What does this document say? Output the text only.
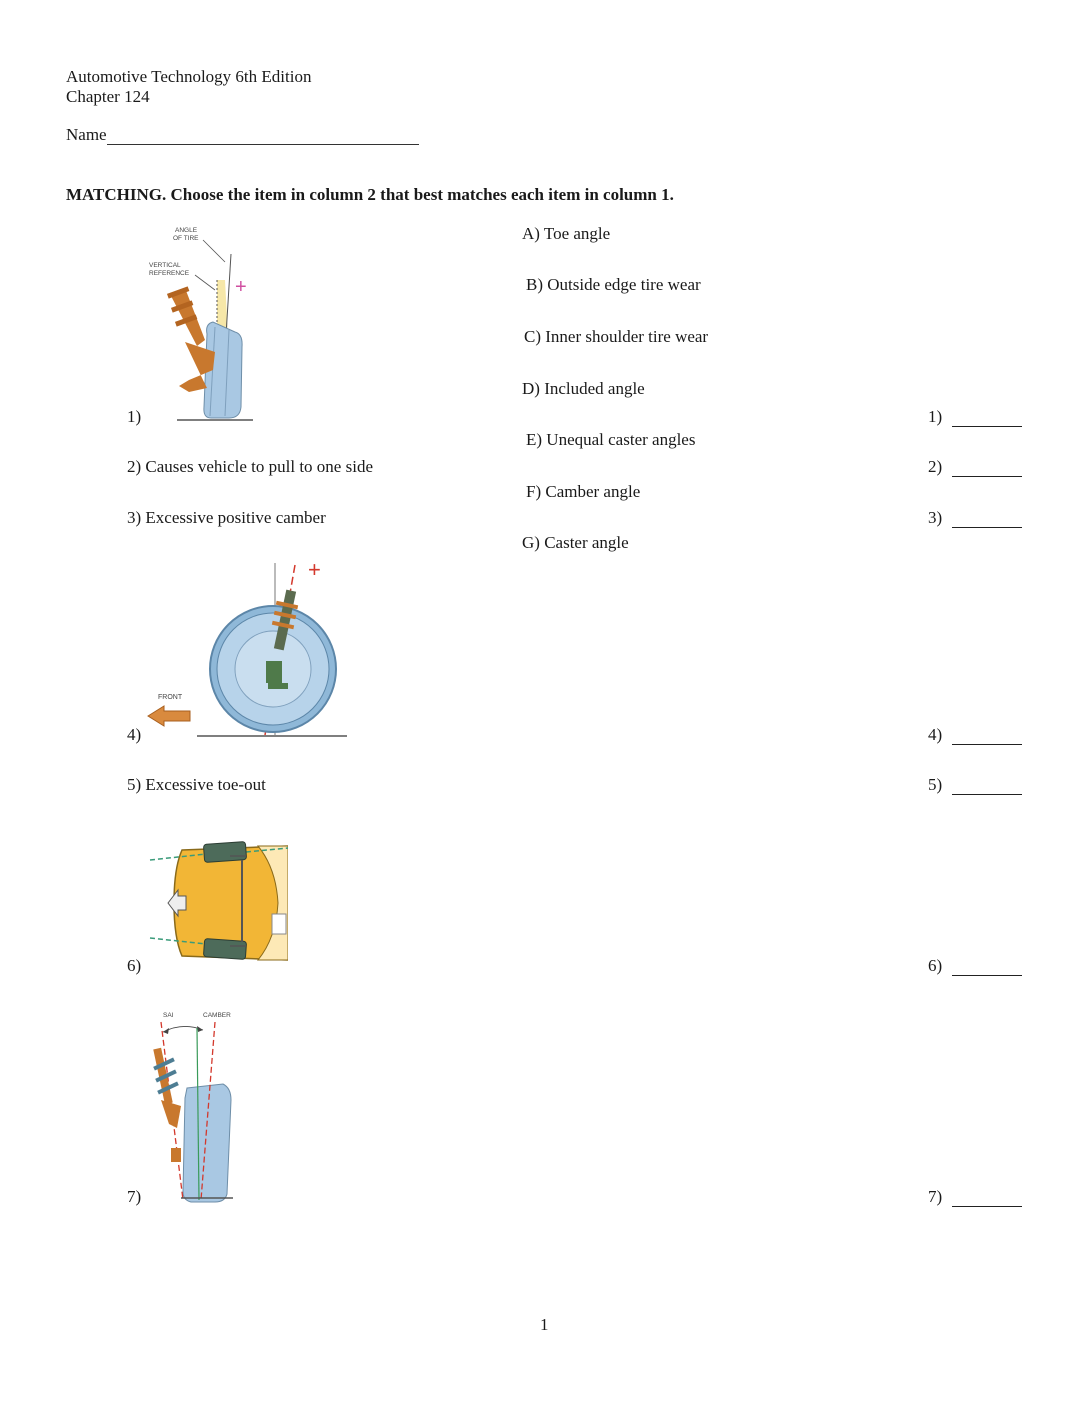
Automotive Technology 6th Edition
Chapter 124
Name
MATCHING. Choose the item in column 2 that best matches each item in column 1.
A) Toe angle
B) Outside edge tire wear
C) Inner shoulder tire wear
D) Included angle
E) Unequal caster angles
F) Camber angle
G) Caster angle
1)
2) Causes vehicle to pull to one side
3) Excessive positive camber
4)
5) Excessive toe-out
6)
7)
1)
2)
3)
4)
5)
6)
7)
ANGLE
OF TIRE
VERTICAL
REFERENCE
+
+
FRONT
SAI	CAMBER
1
